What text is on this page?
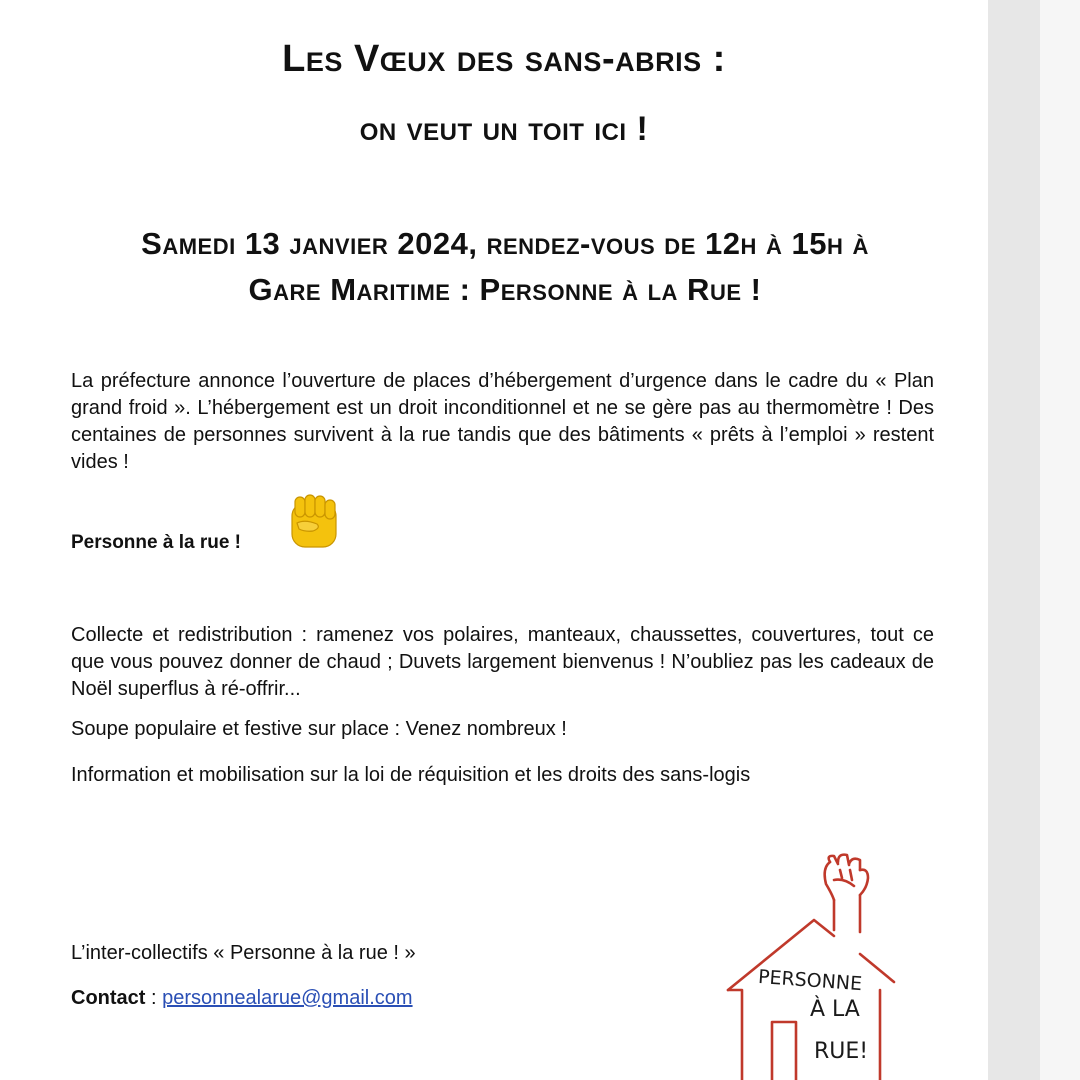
Les Vœux des sans-abris :
on veut un toit ici !
Samedi 13 janvier 2024, rendez-vous de 12h à 15h à
Gare Maritime : Personne à la Rue !

La préfecture annonce l’ouverture de places d’hébergement d’urgence dans le cadre du « Plan grand froid ». L’hébergement est un droit inconditionnel et ne se gère pas au thermomètre ! Des centaines de personnes survivent à la rue tandis que des bâtiments « prêts à l’emploi » restent vides !

Personne à la rue !

Collecte et redistribution : ramenez vos polaires, manteaux, chaussettes, couvertures, tout ce que vous pouvez donner de chaud ; Duvets largement bienvenus ! N’oubliez pas les cadeaux de Noël superflus à ré-offrir...

Soupe populaire et festive sur place : Venez nombreux !

Information et mobilisation sur la loi de réquisition et les droits des sans-logis

L’inter-collectifs « Personne à la rue ! »

Contact : personnealarue@gmail.com

PERSONNE
À LA
RUE!
